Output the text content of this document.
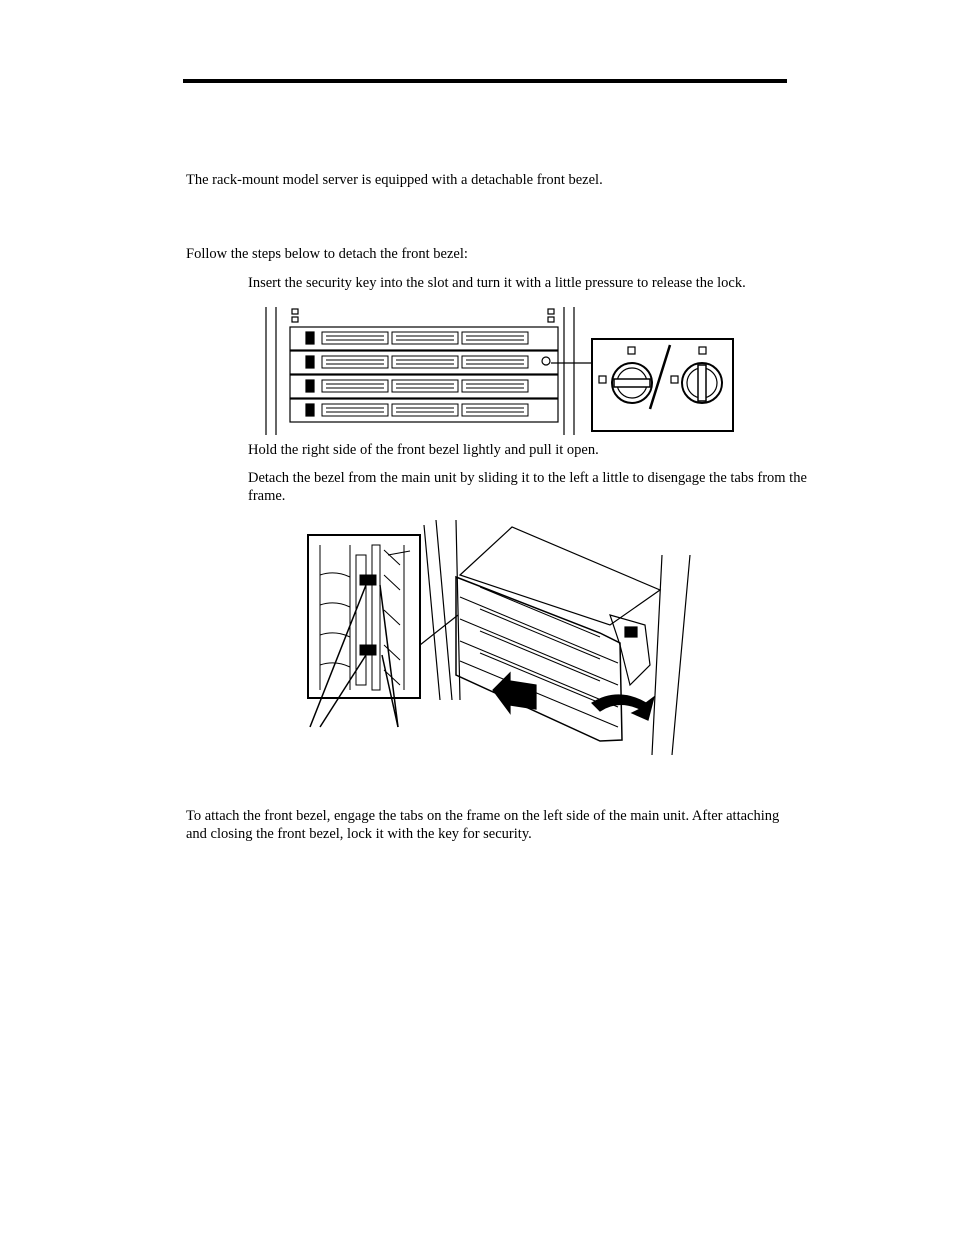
The rack-mount model server is equipped with a detachable front bezel.

Follow the steps below to detach the front bezel:

Insert the security key into the slot and turn it with a little pressure to release the lock.

Hold the right side of the front bezel lightly and pull it open.

Detach the bezel from the main unit by sliding it to the left a little to disengage the tabs from the frame.

To attach the front bezel, engage the tabs on the frame on the left side of the main unit. After attaching and closing the front bezel, lock it with the key for security.
